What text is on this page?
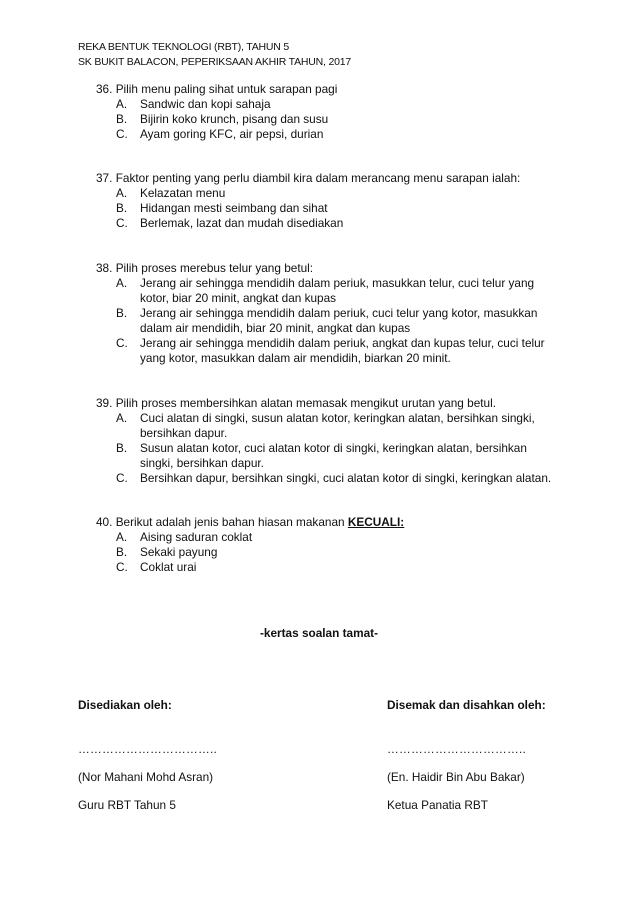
REKA BENTUK TEKNOLOGI (RBT), TAHUN 5
SK BUKIT BALACON, PEPERIKSAAN AKHIR TAHUN, 2017
36. Pilih menu paling sihat untuk sarapan pagi
A. Sandwic dan kopi sahaja
B. Bijirin koko krunch, pisang dan susu
C. Ayam goring KFC, air pepsi, durian
37. Faktor penting yang perlu diambil kira dalam merancang menu sarapan ialah:
A. Kelazatan menu
B. Hidangan mesti seimbang dan sihat
C. Berlemak, lazat dan mudah disediakan
38. Pilih proses merebus telur yang betul:
A. Jerang air sehingga mendidih dalam periuk, masukkan telur, cuci telur yang kotor, biar 20 minit, angkat dan kupas
B. Jerang air sehingga mendidih dalam periuk, cuci telur yang kotor, masukkan dalam air mendidih, biar 20 minit, angkat dan kupas
C. Jerang air sehingga mendidih dalam periuk, angkat dan kupas telur, cuci telur yang kotor, masukkan dalam air mendidih, biarkan 20 minit.
39. Pilih proses membersihkan alatan memasak mengikut urutan yang betul.
A. Cuci alatan di singki, susun alatan kotor, keringkan alatan, bersihkan singki, bersihkan dapur.
B. Susun alatan kotor, cuci alatan kotor di singki, keringkan alatan, bersihkan singki, bersihkan dapur.
C. Bersihkan dapur, bersihkan singki, cuci alatan kotor di singki, keringkan alatan.
40. Berikut adalah jenis bahan hiasan makanan KECUALI:
A. Aising saduran coklat
B. Sekaki payung
C. Coklat urai
-kertas soalan tamat-
Disediakan oleh:
……………………………..
(Nor Mahani Mohd Asran)
Guru RBT Tahun 5
Disemak dan disahkan oleh:
……………………………..
(En. Haidir Bin Abu Bakar)
Ketua Panatia RBT
